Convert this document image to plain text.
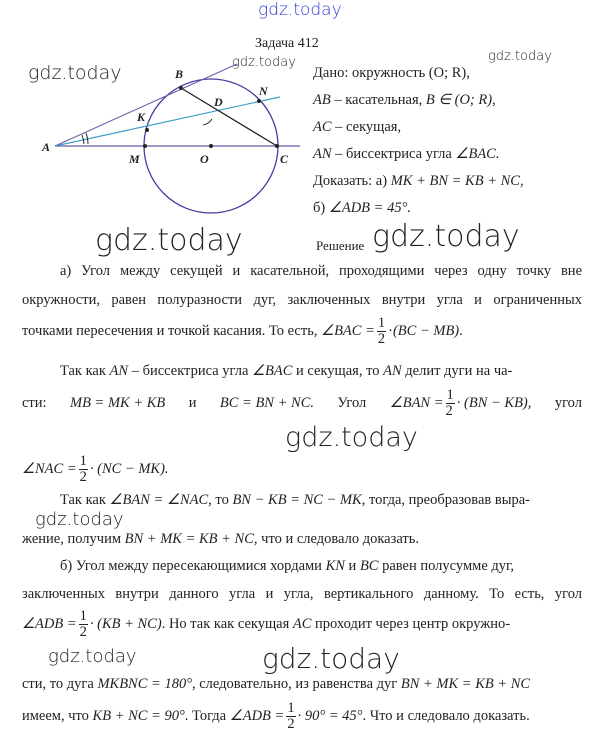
gdz.today
Задача 412
gdz.today	gdz.today	gdz.today
A
B
K
D
N
M	O	C
Дано: окружность (O; R),
AB – касательная, B ∈ (O; R),
AC – секущая,
AN – биссектриса угла ∠BAC.
Доказать: а) MK + BN = KB + NC,
б) ∠ADB = 45°.
gdz.today	Решение gdz.today
а) Угол между секущей и касательной, проходящими через одну точку вне
окружности, равен полуразности дуг, заключенных внутри угла и ограниченных
точками пересечения и точкой касания. То есть, ∠BAC = $\frac{1}{2} \cdot(BC - MB)$.
Так как AN – биссектриса угла ∠BAC и секущая, то AN делит дуги на ча-
сти: MB = MK + KB и BC = BN + NC. Угол ∠BAN = $\frac{1}{2} \cdot (BN - KB)$, угол
gdz.today
∠NAC = $\frac{1}{2} \cdot (NC - MK)$.
Так как ∠BAN = ∠NAC, то BN − KB = NC − MK, тогда, преобразовав выра-
gdz.today
жение, получим BN + MK = KB + NC, что и следовало доказать.
б) Угол между пересекающимися хордами KN и BC равен полусумме дуг,
заключенных внутри данного угла и угла, вертикального данному. То есть, угол
∠ADB = $\frac{1}{2} \cdot (KB + NC)$. Но так как секущая AC проходит через центр окружно-
gdz.today	gdz.today
сти, то дуга MKBNC = 180°, следовательно, из равенства дуг BN + MK = KB + NC
имеем, что KB + NC = 90°. Тогда ∠ADB = $\frac{1}{2} \cdot 90^\circ = 45^\circ$. Что и следовало доказать.
